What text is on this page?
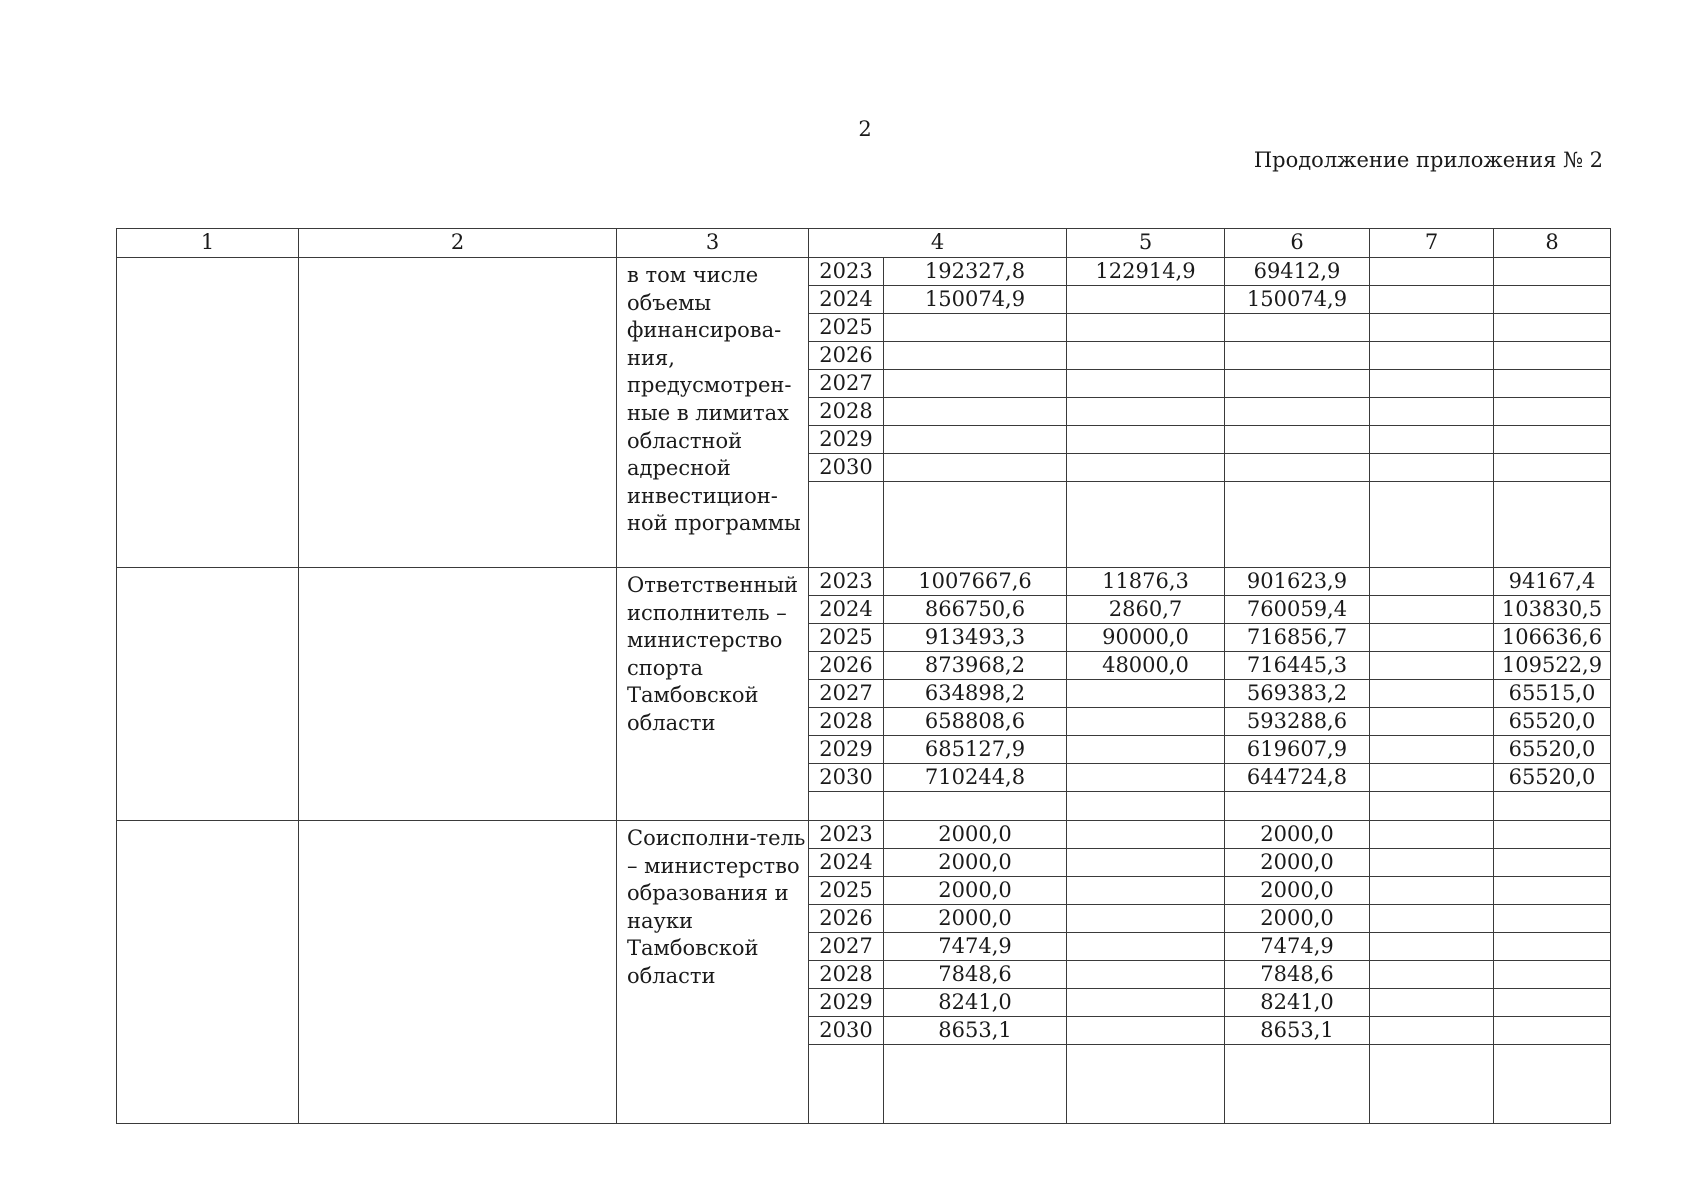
2
Продолжение приложения № 2
1	2	3	4		5	6	7	8
		в том числе объемы финансирова-ния, предусмотрен-ные в лимитах областной адресной инвестицион-ной программы	2023	192327,8	122914,9	69412,9		
			2024	150074,9		150074,9		
			2025					
			2026					
			2027					
			2028					
			2029					
			2030					

		Ответственный исполнитель – министерство спорта Тамбовской области	2023	1007667,6	11876,3	901623,9		94167,4
			2024	866750,6	2860,7	760059,4		103830,5
			2025	913493,3	90000,0	716856,7		106636,6
			2026	873968,2	48000,0	716445,3		109522,9
			2027	634898,2		569383,2		65515,0
			2028	658808,6		593288,6		65520,0
			2029	685127,9		619607,9		65520,0
			2030	710244,8		644724,8		65520,0

		Соисполни-тель – министерство образования и науки Тамбовской области	2023	2000,0		2000,0		
			2024	2000,0		2000,0		
			2025	2000,0		2000,0		
			2026	2000,0		2000,0		
			2027	7474,9		7474,9		
			2028	7848,6		7848,6		
			2029	8241,0		8241,0		
			2030	8653,1		8653,1		
